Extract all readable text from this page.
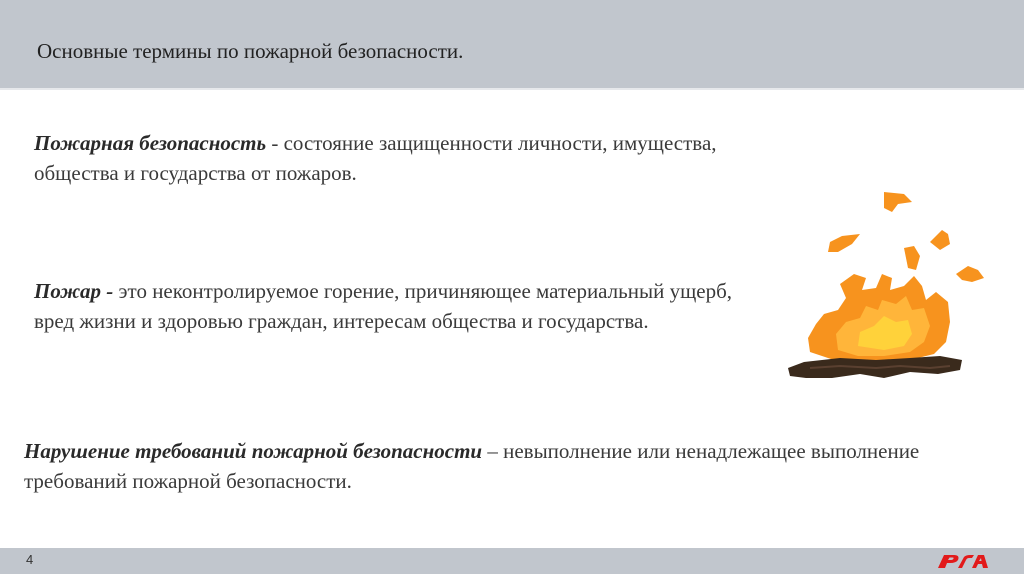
Основные термины по пожарной безопасности.
Пожарная безопасность - состояние защищенности личности, имущества, общества и государства от пожаров.
Пожар - это неконтролируемое горение, причиняющее материальный ущерб, вред жизни и здоровью граждан, интересам общества и государства.
Нарушение требований пожарной безопасности – невыполнение или ненадлежащее выполнение требований пожарной безопасности.
4
